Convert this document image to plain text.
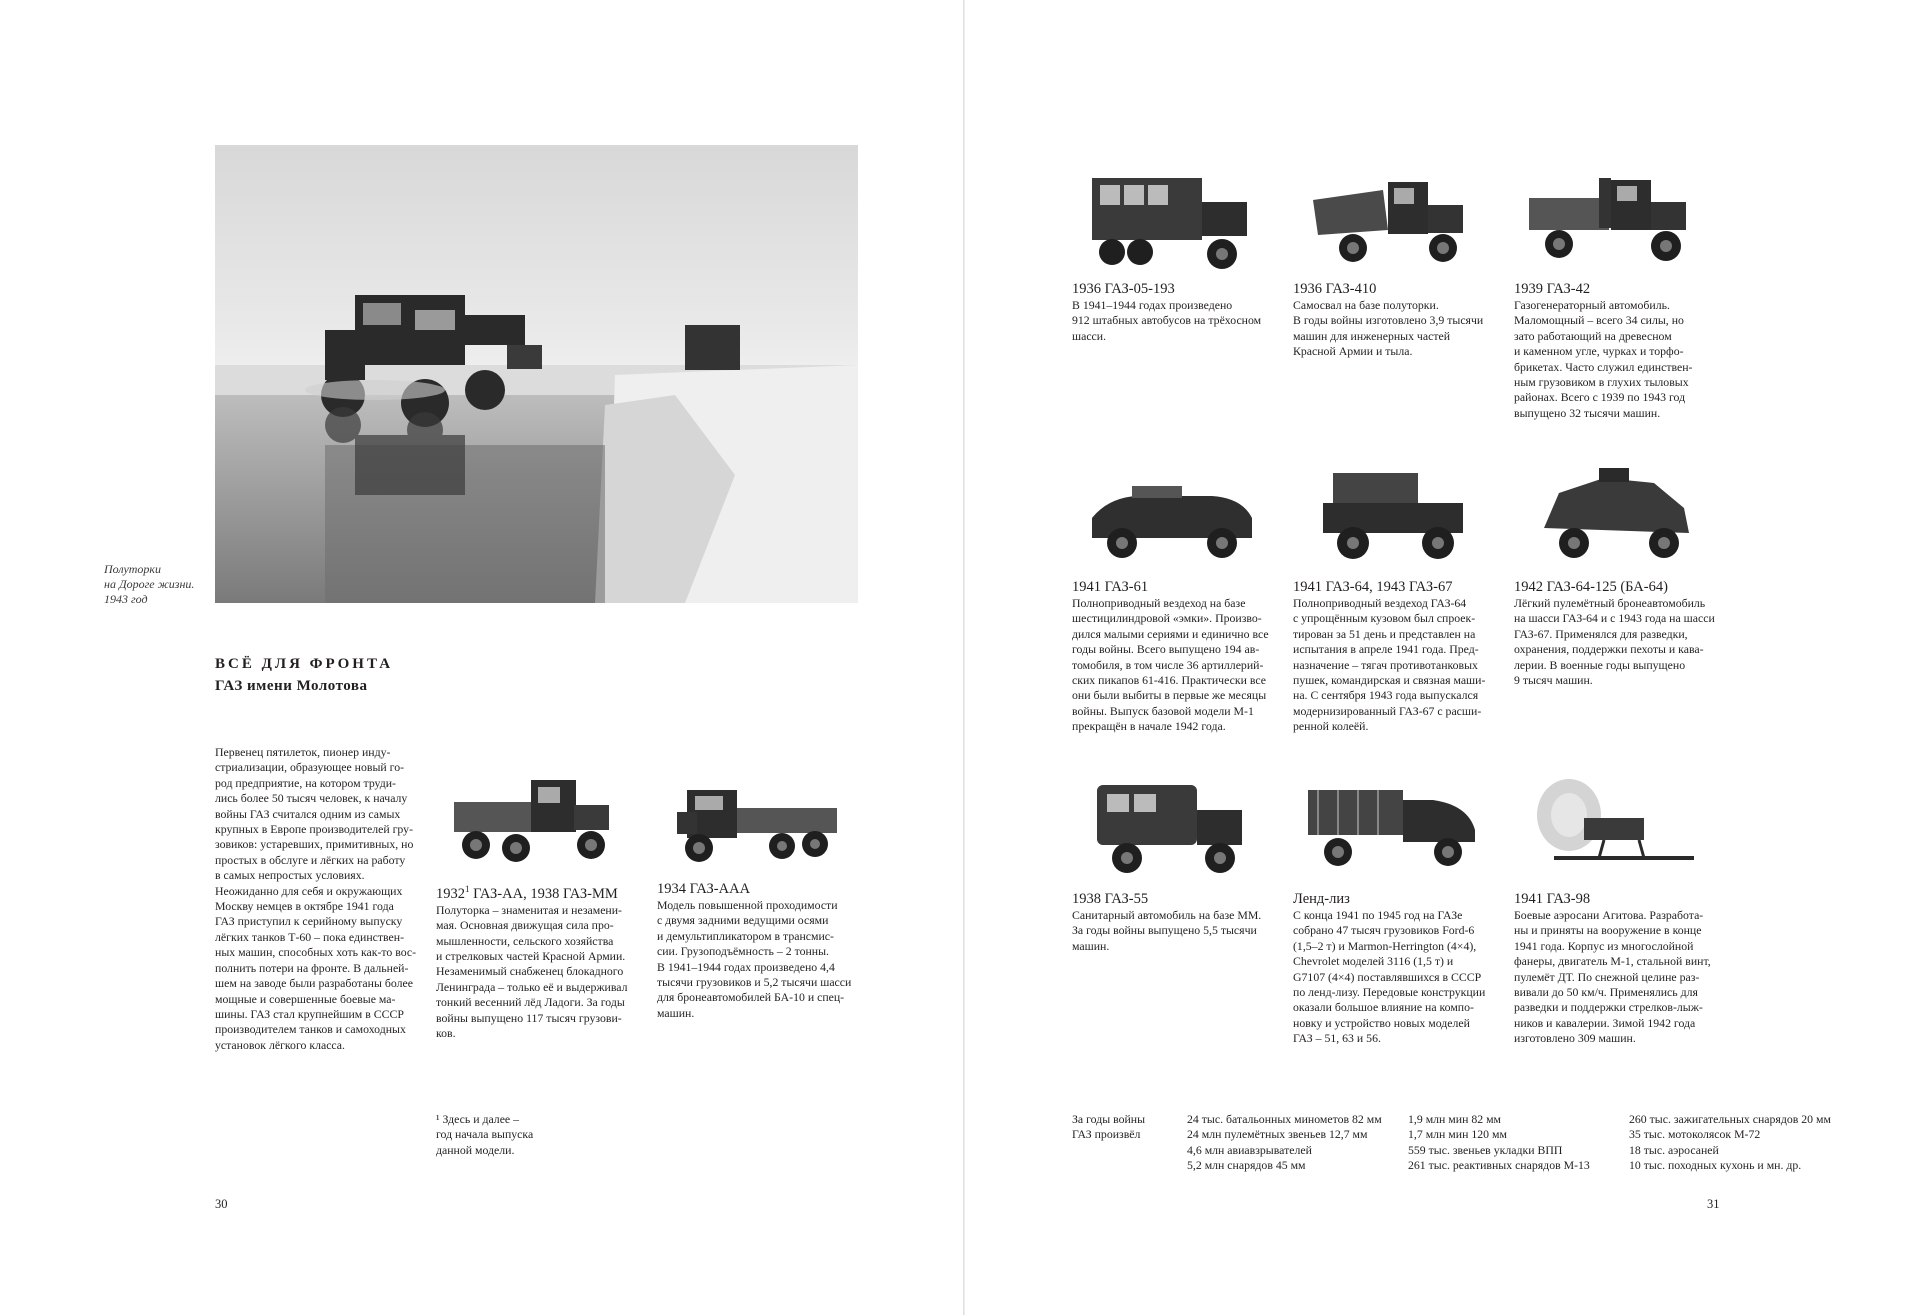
Полуторки
на Дороге жизни.
1943 год
ВСЁ ДЛЯ ФРОНТА
ГАЗ имени Молотова
Первенец пятилеток, пионер инду-
стриализации, образующее новый го-
род предприятие, на котором труди-
лись более 50 тысяч человек, к началу
войны ГАЗ считался одним из самых
крупных в Европе производителей гру-
зовиков: устаревших, примитивных, но
простых в обслуге и лёгких на работу
в самых непростых условиях.
Неожиданно для себя и окружающих
Москву немцев в октябре 1941 года
ГАЗ приступил к серийному выпуску
лёгких танков Т-60 – пока единствен-
ных машин, способных хоть как-то вос-
полнить потери на фронте. В дальней-
шем на заводе были разработаны более
мощные и совершенные боевые ма-
шины. ГАЗ стал крупнейшим в СССР
производителем танков и самоходных
установок лёгкого класса.
1932$^1$ ГАЗ-АА, 1938 ГАЗ-ММ
Полуторка – знаменитая и незамени-
мая. Основная движущая сила про-
мышленности, сельского хозяйства
и стрелковых частей Красной Армии.
Незаменимый снабженец блокадного
Ленинграда – только её и выдерживал
тонкий весенний лёд Ладоги. За годы
войны выпущено 117 тысяч грузови-
ков.
1934 ГАЗ-ААА
Модель повышенной проходимости
с двумя задними ведущими осями
и демультипликатором в трансмис-
сии. Грузоподъёмность – 2 тонны.
В 1941–1944 годах произведено 4,4
тысячи грузовиков и 5,2 тысячи шасси
для бронеавтомобилей БА-10 и спец-
машин.
¹ Здесь и далее –
год начала выпуска
данной модели.
30
1936 ГАЗ-05-193
В 1941–1944 годах произведено
912 штабных автобусов на трёхосном
шасси.
1936 ГАЗ-410
Самосвал на базе полуторки.
В годы войны изготовлено 3,9 тысячи
машин для инженерных частей
Красной Армии и тыла.
1939 ГАЗ-42
Газогенераторный автомобиль.
Маломощный – всего 34 силы, но
зато работающий на древесном
и каменном угле, чурках и торфо-
брикетах. Часто служил единствен-
ным грузовиком в глухих тыловых
районах. Всего с 1939 по 1943 год
выпущено 32 тысячи машин.
1941 ГАЗ-61
Полноприводный вездеход на базе
шестицилиндровой «эмки». Произво-
дился малыми сериями и единично все
годы войны. Всего выпущено 194 ав-
томобиля, в том числе 36 артиллерий-
ских пикапов 61-416. Практически все
они были выбиты в первые же месяцы
войны. Выпуск базовой модели М-1
прекращён в начале 1942 года.
1941 ГАЗ-64, 1943 ГАЗ-67
Полноприводный вездеход ГАЗ-64
с упрощённым кузовом был спроек-
тирован за 51 день и представлен на
испытания в апреле 1941 года. Пред-
назначение – тягач противотанковых
пушек, командирская и связная маши-
на. С сентября 1943 года выпускался
модернизированный ГАЗ-67 с расши-
ренной колеёй.
1942 ГАЗ-64-125 (БА-64)
Лёгкий пулемётный бронеавтомобиль
на шасси ГАЗ-64 и с 1943 года на шасси
ГАЗ-67. Применялся для разведки,
охранения, поддержки пехоты и кава-
лерии. В военные годы выпущено
9 тысяч машин.
1938 ГАЗ-55
Санитарный автомобиль на базе ММ.
За годы войны выпущено 5,5 тысячи
машин.
Ленд-лиз
С конца 1941 по 1945 год на ГАЗе
собрано 47 тысяч грузовиков Ford-6
(1,5–2 т) и Marmon-Herrington (4×4),
Chevrolet моделей 3116 (1,5 т) и
G7107 (4×4) поставлявшихся в СССР
по ленд-лизу. Передовые конструкции
оказали большое влияние на компо-
новку и устройство новых моделей
ГАЗ – 51, 63 и 56.
1941 ГАЗ-98
Боевые аэросани Агитова. Разработа-
ны и приняты на вооружение в конце
1941 года. Корпус из многослойной
фанеры, двигатель М-1, стальной винт,
пулемёт ДТ. По снежной целине раз-
вивали до 50 км/ч. Применялись для
разведки и поддержки стрелков-лыж-
ников и кавалерии. Зимой 1942 года
изготовлено 309 машин.
За годы войны
ГАЗ произвёл
24 тыс. батальонных минометов 82 мм
24 млн пулемётных звеньев 12,7 мм
4,6 млн авиавзрывателей
5,2 млн снарядов 45 мм
1,9 млн мин 82 мм
1,7 млн мин 120 мм
559 тыс. звеньев укладки ВПП
261 тыс. реактивных снарядов М-13
260 тыс. зажигательных снарядов 20 мм
35 тыс. мотоколясок М-72
18 тыс. аэросаней
10 тыс. походных кухонь и мн. др.
31
